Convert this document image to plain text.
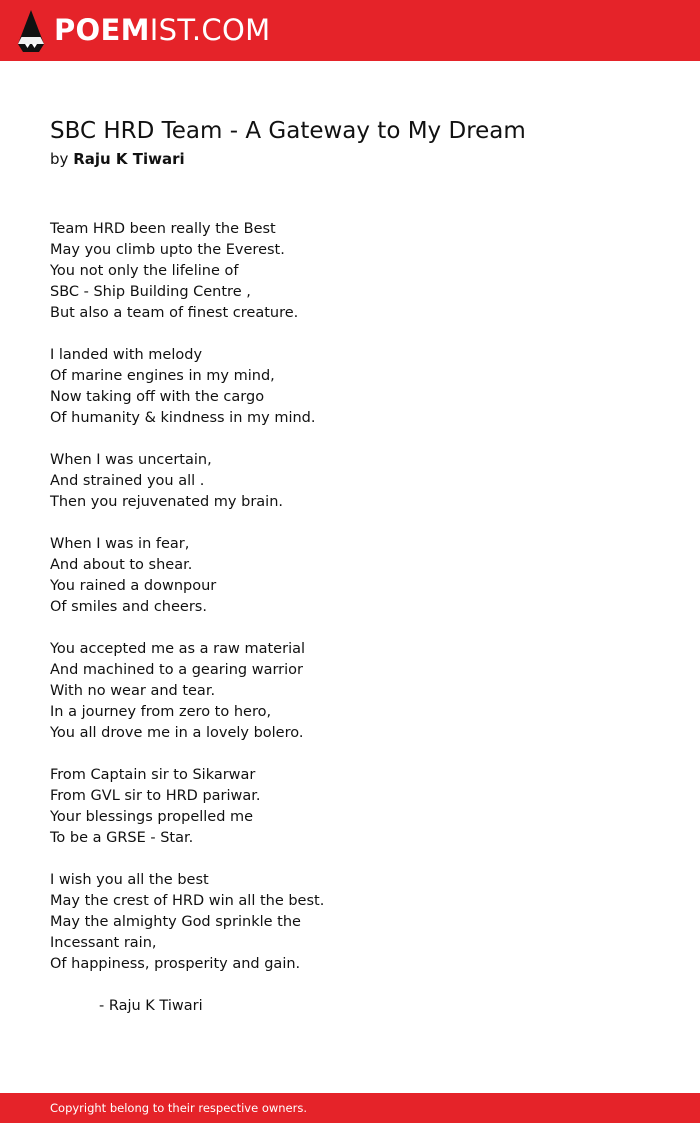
POEMIST.COM
SBC HRD Team - A Gateway to My Dream

by Raju K Tiwari

Team HRD been really the Best
May you climb upto the Everest.
You not only the lifeline of
SBC - Ship Building Centre ,
But also a team of finest creature.
I landed with melody
Of marine engines in my mind,
Now taking off with the cargo
Of humanity & kindness in my mind.
When I was uncertain,
And strained you all .
Then you rejuvenated my brain.
When I was in fear,
And about to shear.
You rained a downpour
Of smiles and cheers.
You accepted me as a raw material
And machined to a gearing warrior
With no wear and tear.
In a journey from zero to hero,
You all drove me in a lovely bolero.
From Captain sir to Sikarwar
From GVL sir to HRD pariwar.
Your blessings propelled me
To be a GRSE - Star.
I wish you all the best
May the crest of HRD win all the best.
May the almighty God sprinkle the
Incessant rain,
Of happiness, prosperity and gain.
- Raju K Tiwari

Copyright belong to their respective owners.
